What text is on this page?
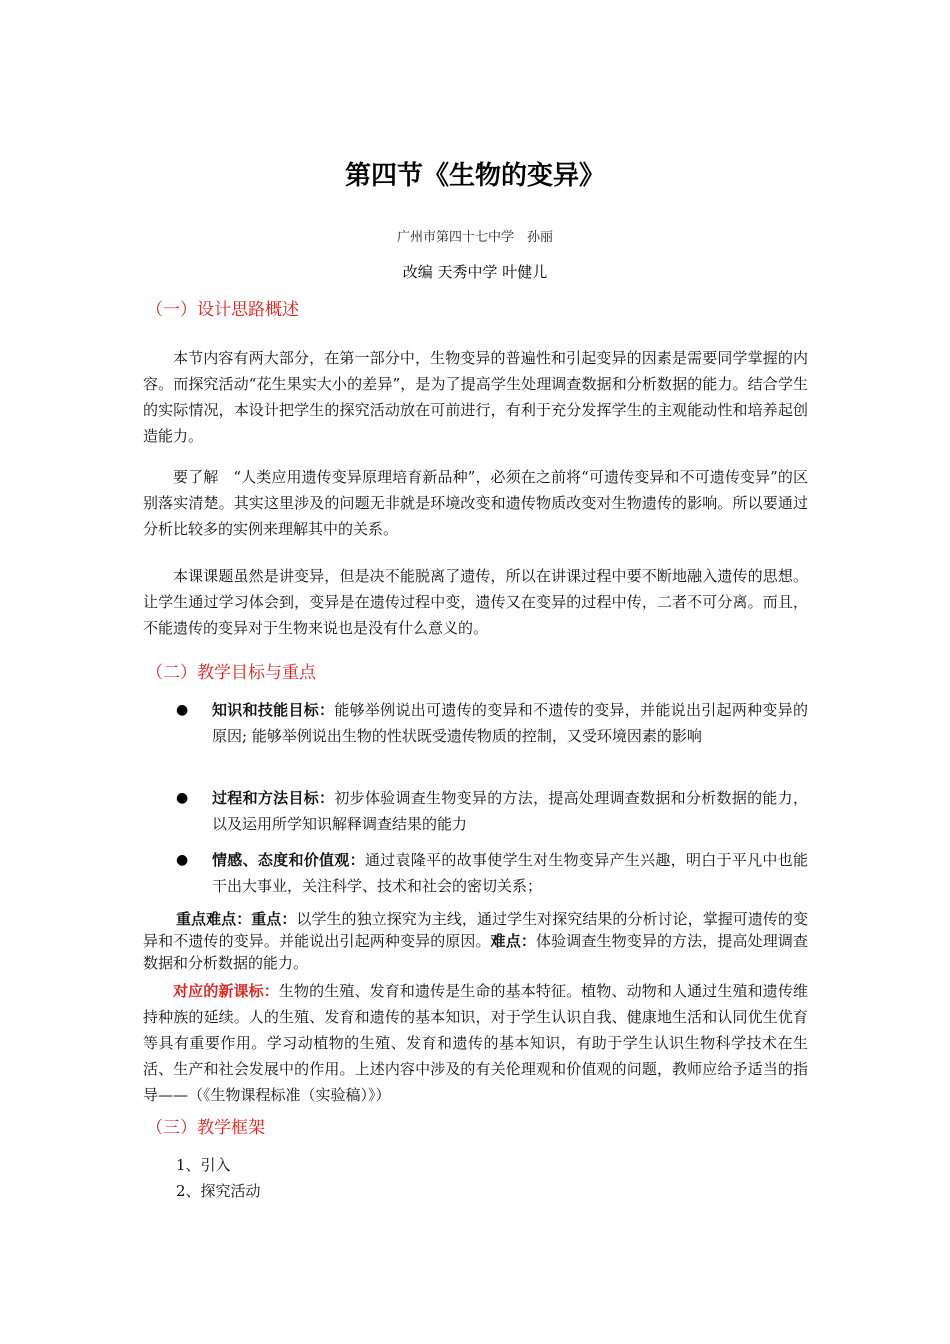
第四节《生物的变异》
广州市第四十七中学　孙丽
改编 天秀中学 叶健儿
（一）设计思路概述

本节内容有两大部分，在第一部分中，生物变异的普遍性和引起变异的因素是需要同学掌握的内容。而探究活动“花生果实大小的差异”，是为了提高学生处理调查数据和分析数据的能力。结合学生的实际情况，本设计把学生的探究活动放在可前进行，有利于充分发挥学生的主观能动性和培养起创造能力。

要了解　“人类应用遗传变异原理培育新品种”，必须在之前将“可遗传变异和不可遗传变异”的区别落实清楚。其实这里涉及的问题无非就是环境改变和遗传物质改变对生物遗传的影响。所以要通过分析比较多的实例来理解其中的关系。

本课课题虽然是讲变异，但是决不能脱离了遗传，所以在讲课过程中要不断地融入遗传的思想。让学生通过学习体会到，变异是在遗传过程中变，遗传又在变异的过程中传，二者不可分离。而且，不能遗传的变异对于生物来说也是没有什么意义的。

（二）教学目标与重点
● 知识和技能目标：能够举例说出可遗传的变异和不遗传的变异，并能说出引起两种变异的原因; 能够举例说出生物的性状既受遗传物质的控制，又受环境因素的影响

● 过程和方法目标：初步体验调查生物变异的方法，提高处理调查数据和分析数据的能力，以及运用所学知识解释调查结果的能力

● 情感、态度和价值观：通过袁隆平的故事使学生对生物变异产生兴趣，明白于平凡中也能干出大事业，关注科学、技术和社会的密切关系；

重点难点：重点：以学生的独立探究为主线，通过学生对探究结果的分析讨论，掌握可遗传的变异和不遗传的变异。并能说出引起两种变异的原因。难点：体验调查生物变异的方法，提高处理调查数据和分析数据的能力。

对应的新课标：生物的生殖、发育和遗传是生命的基本特征。植物、动物和人通过生殖和遗传维持种族的延续。人的生殖、发育和遗传的基本知识，对于学生认识自我、健康地生活和认同优生优育等具有重要作用。学习动植物的生殖、发育和遗传的基本知识，有助于学生认识生物科学技术在生活、生产和社会发展中的作用。上述内容中涉及的有关伦理观和价值观的问题，教师应给予适当的指导——（《生物课程标准（实验稿）》）

（三）教学框架
1、引入
2、探究活动
